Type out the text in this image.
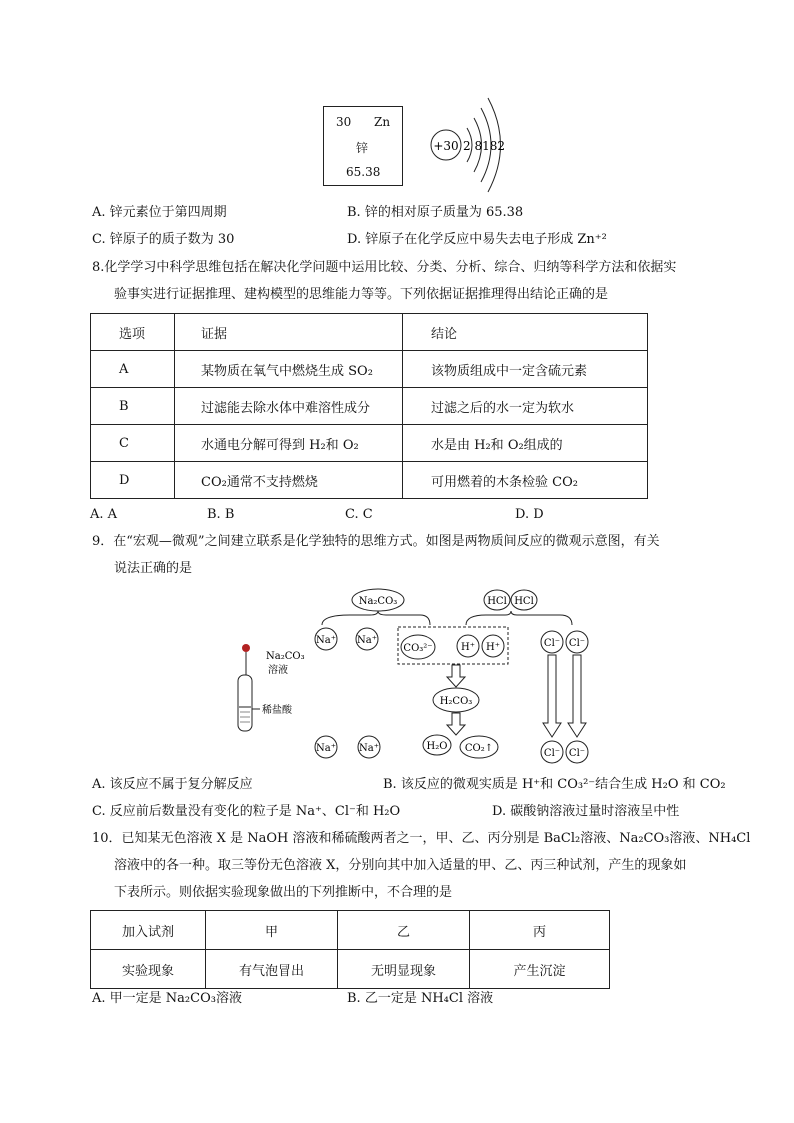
30 Zn
锌
65.38
+30 2 8182
A. 锌元素位于第四周期	B. 锌的相对原子质量为 65.38
C. 锌原子的质子数为 30	D. 锌原子在化学反应中易失去电子形成 Zn⁺²
8.化学学习中科学思维包括在解决化学问题中运用比较、分类、分析、综合、归纳等科学方法和依据实
验事实进行证据推理、建构模型的思维能力等等。下列依据证据推理得出结论正确的是
选项	证据	结论
A	某物质在氧气中燃烧生成 SO₂	该物质组成中一定含硫元素
B	过滤能去除水体中难溶性成分	过滤之后的水一定为软水
C	水通电分解可得到 H₂和 O₂	水是由 H₂和 O₂组成的
D	CO₂通常不支持燃烧	可用燃着的木条检验 CO₂
A. A	B. B	C. C	D. D
9．在“宏观—微观”之间建立联系是化学独特的思维方式。如图是两物质间反应的微观示意图，有关
说法正确的是
Na₂CO₃	HCl HCl
Na⁺ Na⁺
CO₃²⁻	H⁺ H⁺	Cl⁻ Cl⁻
H₂CO₃
Na⁺ Na⁺	H₂O CO₂↑	Cl⁻ Cl⁻
Na₂CO₃
溶液
稀盐酸
A. 该反应不属于复分解反应	B. 该反应的微观实质是 H⁺和 CO₃²⁻结合生成 H₂O 和 CO₂
C. 反应前后数量没有变化的粒子是 Na⁺、Cl⁻和 H₂O	D. 碳酸钠溶液过量时溶液呈中性
10．已知某无色溶液 X 是 NaOH 溶液和稀硫酸两者之一，甲、乙、丙分别是 BaCl₂溶液、Na₂CO₃溶液、NH₄Cl
溶液中的各一种。取三等份无色溶液 X，分别向其中加入适量的甲、乙、丙三种试剂，产生的现象如
下表所示。则依据实验现象做出的下列推断中，不合理的是
加入试剂	甲	乙	丙
实验现象	有气泡冒出	无明显现象	产生沉淀
A. 甲一定是 Na₂CO₃溶液	B. 乙一定是 NH₄Cl 溶液
